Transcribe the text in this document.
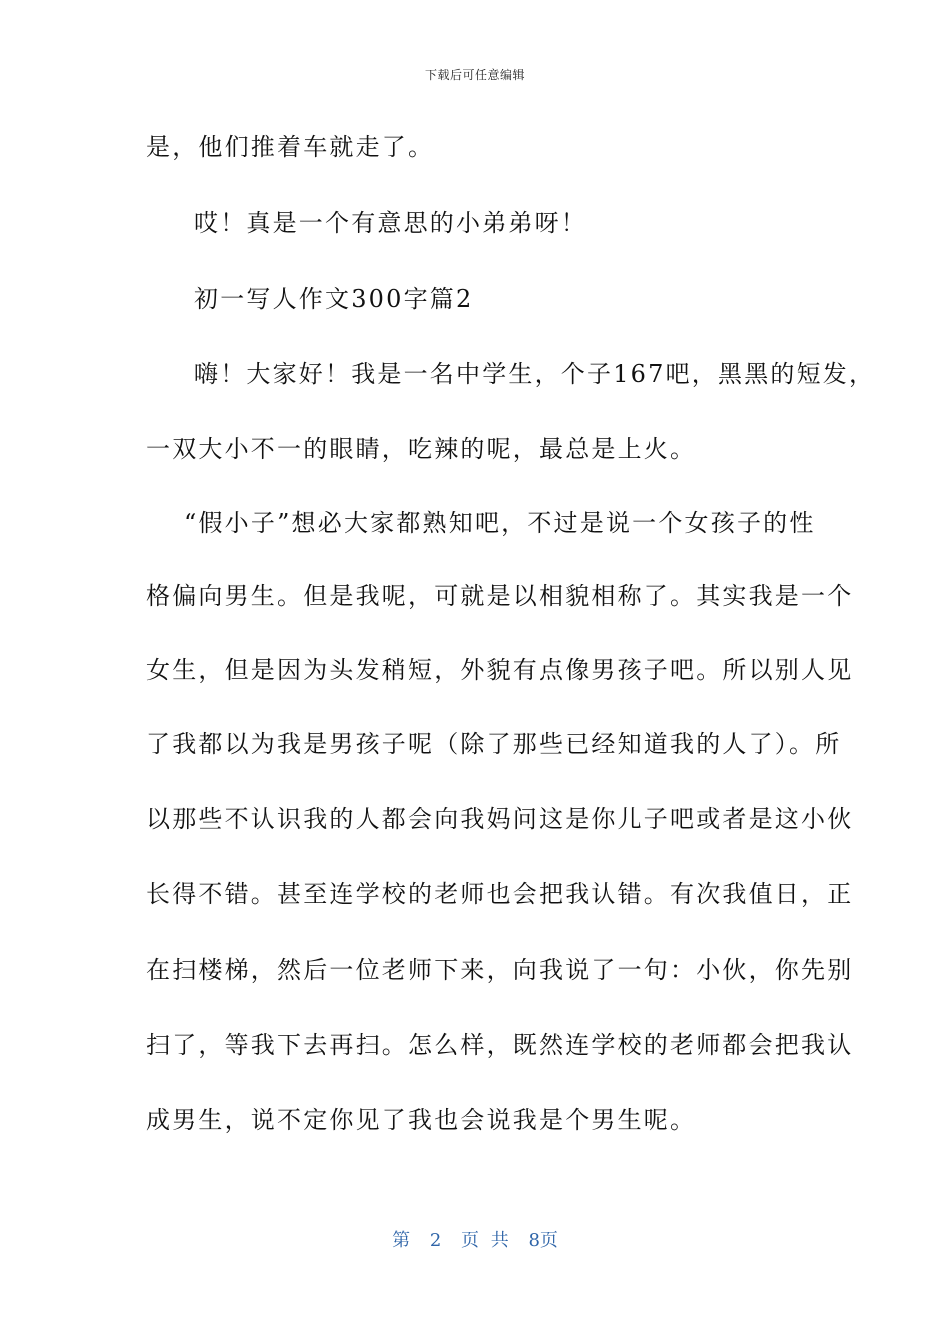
下载后可任意编辑
是，他们推着车就走了。
哎！真是一个有意思的小弟弟呀！
初一写人作文300字篇2
嗨！大家好！我是一名中学生，个子167吧，黑黑的短发，
一双大小不一的眼睛，吃辣的呢，最总是上火。
“假小子”想必大家都熟知吧，不过是说一个女孩子的性
格偏向男生。但是我呢，可就是以相貌相称了。其实我是一个
女生，但是因为头发稍短，外貌有点像男孩子吧。所以别人见
了我都以为我是男孩子呢（除了那些已经知道我的人了）。所
以那些不认识我的人都会向我妈问这是你儿子吧或者是这小伙
长得不错。甚至连学校的老师也会把我认错。有次我值日，正
在扫楼梯，然后一位老师下来，向我说了一句：小伙，你先别
扫了，等我下去再扫。怎么样，既然连学校的老师都会把我认
成男生，说不定你见了我也会说我是个男生呢。
第 2 页 共 8页
